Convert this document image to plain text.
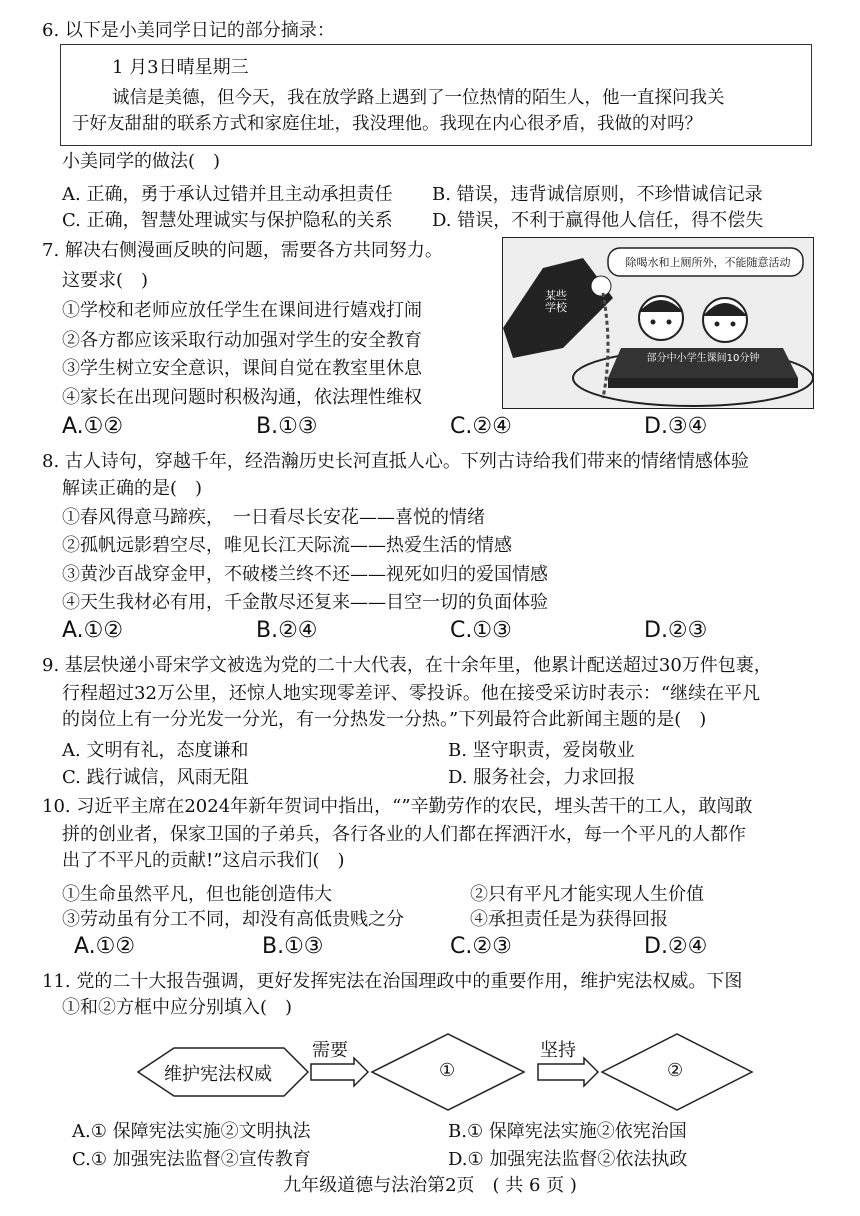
6. 以下是小美同学日记的部分摘录：
1 月3日晴星期三
诚信是美德，但今天，我在放学路上遇到了一位热情的陌生人，他一直探问我关
于好友甜甜的联系方式和家庭住址，我没理他。我现在内心很矛盾，我做的对吗？
小美同学的做法(　)
A. 正确，勇于承认过错并且主动承担责任 B. 错误，违背诚信原则，不珍惜诚信记录
C. 正确，智慧处理诚实与保护隐私的关系 D. 错误，不利于赢得他人信任，得不偿失
7. 解决右侧漫画反映的问题，需要各方共同努力。
这要求(　)
①学校和老师应放任学生在课间进行嬉戏打闹
②各方都应该采取行动加强对学生的安全教育
③学生树立安全意识，课间自觉在教室里休息
④家长在出现问题时积极沟通，依法理性维权
A.①②	B.①③	C.②④	D.③④
除喝水和上厕所外，不能随意活动
某些学校
部分中小学生课间10分钟
8. 古人诗句，穿越千年，经浩瀚历史长河直抵人心。下列古诗给我们带来的情绪情感体验
解读正确的是(　)
①春风得意马蹄疾，　一日看尽长安花——喜悦的情绪
②孤帆远影碧空尽，唯见长江天际流——热爱生活的情感
③黄沙百战穿金甲，不破楼兰终不还——视死如归的爱国情感
④天生我材必有用，千金散尽还复来——目空一切的负面体验
A.①②	B.②④	C.①③	D.②③
9. 基层快递小哥宋学文被选为党的二十大代表，在十余年里，他累计配送超过30万件包裹，
行程超过32万公里，还惊人地实现零差评、零投诉。他在接受采访时表示：“继续在平凡
的岗位上有一分光发一分光，有一分热发一分热。”下列最符合此新闻主题的是(　)
A. 文明有礼，态度谦和	B. 坚守职责，爱岗敬业
C. 践行诚信，风雨无阻	D. 服务社会，力求回报
10. 习近平主席在2024年新年贺词中指出，“”辛勤劳作的农民，埋头苦干的工人，敢闯敢
拼的创业者，保家卫国的子弟兵，各行各业的人们都在挥洒汗水，每一个平凡的人都作
出了不平凡的贡献!”这启示我们(　)
①生命虽然平凡，但也能创造伟大	②只有平凡才能实现人生价值
③劳动虽有分工不同，却没有高低贵贱之分	④承担责任是为获得回报
A.①②	B.①③	C.②③	D.②④
11. 党的二十大报告强调，更好发挥宪法在治国理政中的重要作用，维护宪法权威。下图
①和②方框中应分别填入(　)
维护宪法权威
需要
①
坚持
②
A.① 保障宪法实施②文明执法	B.① 保障宪法实施②依宪治国
C.① 加强宪法监督②宣传教育	D.① 加强宪法监督②依法执政
九年级道德与法治第2页　( 共 6 页 )
